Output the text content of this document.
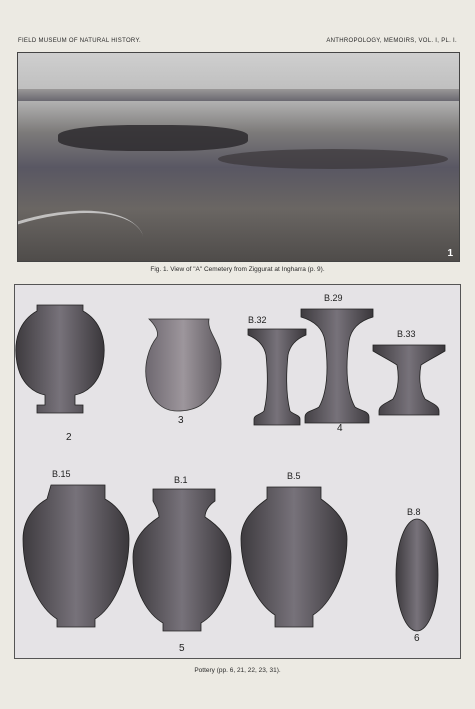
FIELD MUSEUM OF NATURAL HISTORY.	ANTHROPOLOGY, MEMOIRS, VOL. I, PL. I.
1
Fig. 1. View of "A" Cemetery from Ziggurat at Ingharra (p. 9).
B.32
B.29
B.33
B.15
B.1	B.5
B.8
2
3
4
5
6
Pottery (pp. 6, 21, 22, 23, 31).
